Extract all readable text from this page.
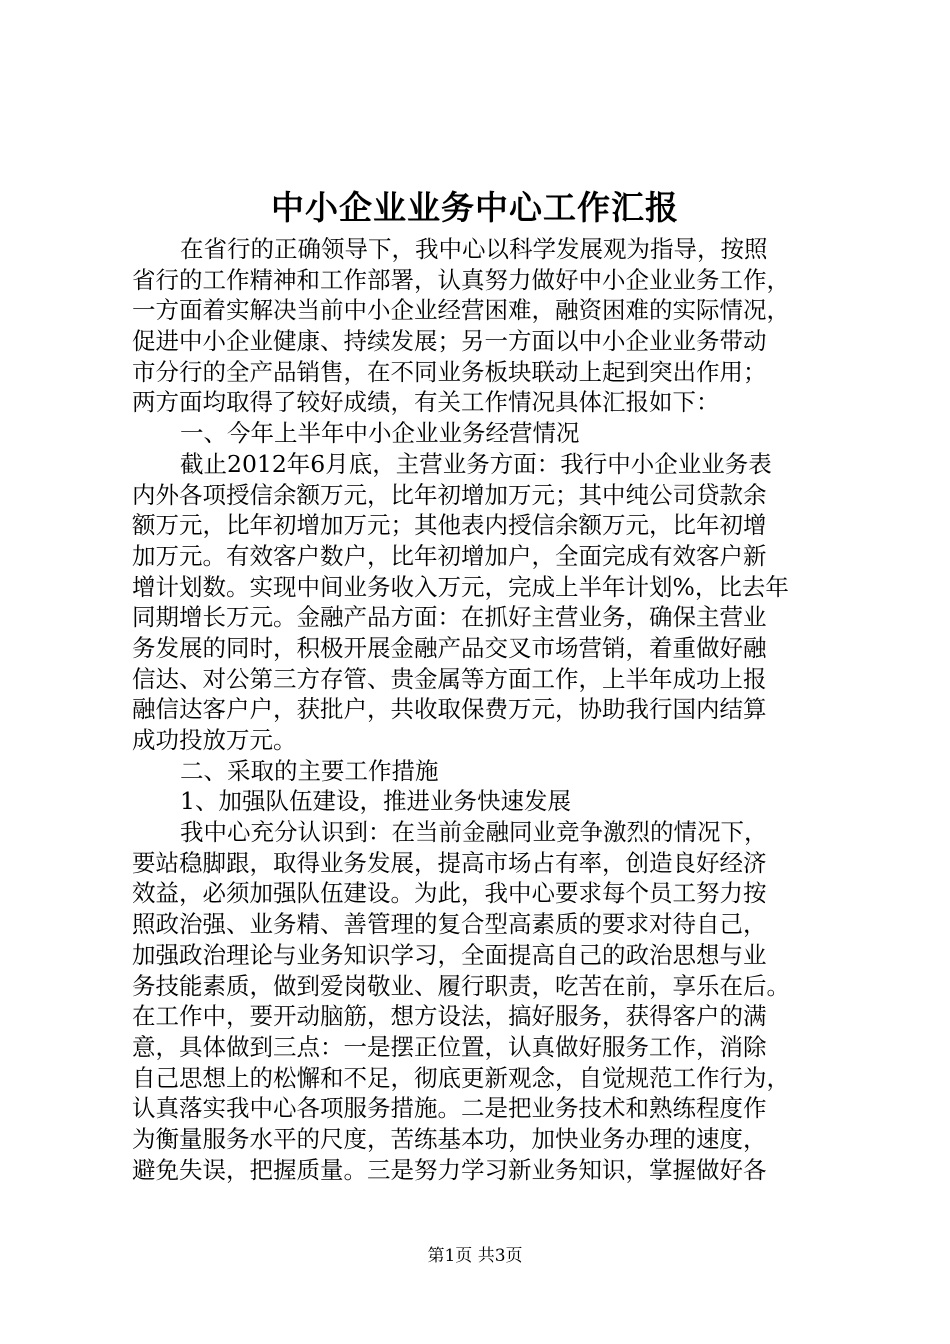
中小企业业务中心工作汇报
在省行的正确领导下，我中心以科学发展观为指导，按照
省行的工作精神和工作部署，认真努力做好中小企业业务工作，
一方面着实解决当前中小企业经营困难，融资困难的实际情况，
促进中小企业健康、持续发展；另一方面以中小企业业务带动
市分行的全产品销售，在不同业务板块联动上起到突出作用；
两方面均取得了较好成绩，有关工作情况具体汇报如下：
一、今年上半年中小企业业务经营情况
截止2012年6月底，主营业务方面：我行中小企业业务表
内外各项授信余额万元，比年初增加万元；其中纯公司贷款余
额万元，比年初增加万元；其他表内授信余额万元，比年初增
加万元。有效客户数户，比年初增加户，全面完成有效客户新
增计划数。实现中间业务收入万元，完成上半年计划%，比去年
同期增长万元。金融产品方面：在抓好主营业务，确保主营业
务发展的同时，积极开展金融产品交叉市场营销，着重做好融
信达、对公第三方存管、贵金属等方面工作，上半年成功上报
融信达客户户，获批户，共收取保费万元，协助我行国内结算
成功投放万元。
二、采取的主要工作措施
1、加强队伍建设，推进业务快速发展
我中心充分认识到：在当前金融同业竞争激烈的情况下，
要站稳脚跟，取得业务发展，提高市场占有率，创造良好经济
效益，必须加强队伍建设。为此，我中心要求每个员工努力按
照政治强、业务精、善管理的复合型高素质的要求对待自己，
加强政治理论与业务知识学习，全面提高自己的政治思想与业
务技能素质，做到爱岗敬业、履行职责，吃苦在前，享乐在后。
在工作中，要开动脑筋，想方设法，搞好服务，获得客户的满
意，具体做到三点：一是摆正位置，认真做好服务工作，消除
自己思想上的松懈和不足，彻底更新观念，自觉规范工作行为，
认真落实我中心各项服务措施。二是把业务技术和熟练程度作
为衡量服务水平的尺度，苦练基本功，加快业务办理的速度，
避免失误，把握质量。三是努力学习新业务知识，掌握做好各
第1页 共3页
